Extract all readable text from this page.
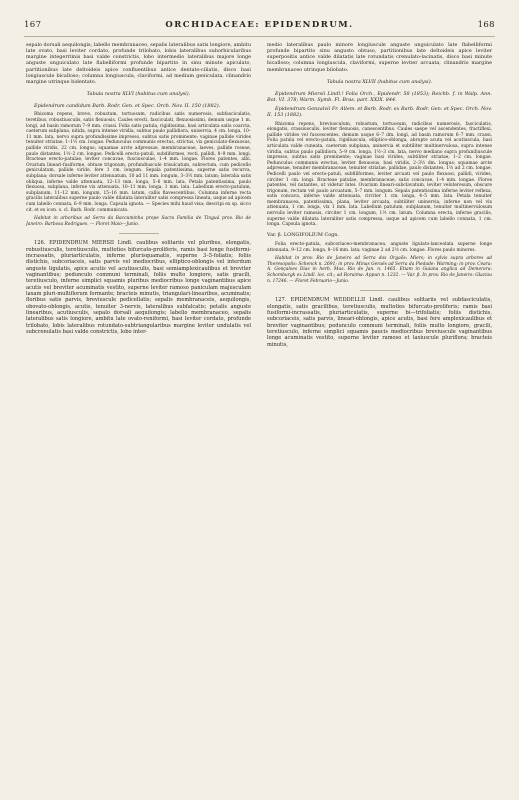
167	ORCHIDACEAE: EPIDENDRUM.	168

sepalo dorsali aequilongis; labello membranaceo, sepalis lateralibus satis longiore, ambitu late ovato, basi leviter cordato, profunde trilobato, lobis lateralibus suborbicularibus margine integerrimis basi valde constrictis, lobo intermedio lateralibus majore longe anguste unguiculato late flabelliformi profunde bipartito in sinu minute apiculato, partitionibus late deltoideis apice confluentibus antice dentato-ciliatis, disco basi longiuscule bicalloso; columna longiuscula, claviformi, ad medium geniculata, clinandrio margine utrinque bidentato.

Tabula nostra XLVI (habitus cum analysi).

Epidendrum candidum Barb. Rodr. Gen. et Spec. Orch. Nov. II. 150 (1882).

Rhizoma repens, breve, robustum, tortuosum, radicibus satis numerosis, subfasciculatis, teretibus, robustiusculis, satis flexuosis. Caules erecti, fasciculati, flexuosissimi, demum usque 1 m. longi, ad basin ramorum 7–9 mm. crassi. Folia satis patula, rigidissima, basi articulata satis coarcta, caeterum subplana, nitida, supra intense viridia, subtus paulo pallidiora, uniservia, 4 cm. longa, 10–11 mm. lata, nervo supra profundissime impresso, subtus satis prominente; vaginae pallide virides tenuiter striatae, 1–1½ cm. longae. Pedunculus communis erectus, strictus, vix geniculato-flexuosus, pallide viridis, 22 cm. longus; squamae arcte adpressae, membranaceae, laeves, pallide roseae, paulo distantes, 1½–2 cm. longae. Pedicelli erecto-patuli, subdiformes, recti, pallidi, 8–9 mm. longi. Bracteae erecto-patulae, leviter concavae, fusciusculae, 1–4 mm. longae. Flores patentes, albi. Ovarium lineari-fusiforme, obtuse trigonum, profundiuscule trisulcatum, subrectum, cum pedicello geniculatum, pallide viride, fere 1 cm. longum. Sepala patentissima, superne satis recurva, subplana; dorsale inferne leviter attenuatum, 10 ad 11 mm. longum, 3–3½ mm. latum; lateralia satis obliqua, inferne valde attenuata, 12–13 mm. longa, 5–6 mm. lata. Petala patentissima, paulo flexuosa, subplana, inferne vix attenuata, 10–11 mm. longa, 1 mm. lata. Labellum erecto-patulum, subplanum, 11–12 mm. longum, 15–16 mm. latum, callis flavescentibus. Columna inferne recta gracilis lateralibus superne paulo valde dilatata lateraliter satis compressa lineata, usque ad apicem cum labello connata, 6–9 mm. longa. Capsula ignota. — Species mihi haud visa; descripi ex sp. sicco cit. et ex icon. s. cl. Barb. Rodr. communicato.

Habitat in arboribus ad Serra da Baccuminha prope Sacra Familia de Tinguá prov. Rio de Janeiro: Barbosa Rodrigues. — Floret Maio—Junio.

126. EPIDENDRUM MIERSII Lindl. caulibus solitariis vel pluribus, elongatis, robustiusculis, teretiusculis, multoties bifurcato-proliferis, ramis basi longe fusiformi-incrassatis, pluriarticulatis, inferne plurisquamatis, superne 3–5-foliatis; foliis distichis, subcoriaceis, satis parvis vel mediocribus, elliptico-oblongis vel interdum anguste ligulatis, apice acutis vel acutiusculis, basi semiamplexicaulibus et breviter vaginantibus; pedunculo communi terminali, foliis multo longiore, satis gracili, teretiusculo, inferne simplici squamis pluribus mediocribus longe vaginantibus apice acutis vel breviter acuminatis vestito, superne leviter ramoso paniculam majusculam laxam pluri-multiflorum formante; bracteis minutis, triangulari-linearibus, acuminatis; floribus satis parvis, breviuscule pedicellatis; sepalis membranaceis, aequilongis, obovato-oblongis, acutis, tenuiter 3-nervis, lateralibus subfalcatis; petalis anguste linearibus, acutiusculis, sepalo dorsali aequilongis; labello membranaceo, sepalis lateralibus satis longiore, ambitu late ovato-reniformi, basi leviter cordato, profunde trilobato, lobis lateralibus rotundato-subtriangularibus margine leviter undulatis vel subcrenulatis basi valde constrictis, lobo inter-

medio lateralibus paulo minore longiuscule anguste unguiculato late flabelliformi profunde bipartito sinu angusto obtuso, partitionibus late deltoideis apice leviter superpositis antice valde dilatatis late rotundatis crenulato-lacinatis, disco basi minute bicalloso; columna longiuscula, claviformi, superne leviter arcuata, clinandrio margine membranaceo utrinque bilobato.

Tabula nostra XLVII (habitus cum analysi).

Epidendrum Miersii Lindl.! Folia Orch., Epidendr. 58 (1853); Reichb. f. in Walp. Ann. Bot. VI. 378; Warm. Symb. Fl. Bras. part. XXIX. 844.

Epidendrum Gonzalvii Fr. Allem. et Barb. Rodr. ex Barb. Rodr. Gen. et Spec. Orch. Nov. II. 153 (1882).

Rhizoma repens, breviusculum, robustum, tortuosum, radicibus numerosis, fasciculatis, elongatis, crassiusculis, leviter flexuosis, canescentibus. Caules saepe vel ascendentes, fractiflexi, pallide virides vel fuscescentes, demum usque 6–7 dm. longi, ad basin ramorum 6–7 mm. crassi. Folia patula vel erecto-patula, rigidiuscula, elliptico-oblonga, abrupte acuta vel acutiuscula, basi articulata valde cuneata, caeterum subplana, uninervia et subtiliter multinervulosa, supra intense viridia, subtus paulo pallidiora, 5–9 cm. longa, 1½–3 cm. lata, nervo mediano supra profundiuscule impresso, subtus satis prominente; vaginae basi virides, subtiliter striatae, 1–2 cm. longae. Pedunculus communis erectus, leviter flexuosus, basi viridis, 2–3½ dm. longus; squamae arcte adpressae, tenuiter membranaceae, tenuiter striatae, pallidae, paulo distantes, 1½ ad 2 cm. longae. Pedicelli paulo vel erecto-patuli, subfiliformes, leviter arcuati vel paulo flexuosi, pallidi, virides, circiter 1 cm. longi. Bracteae patulae, membranaceae, satis concavae, 1–4 mm. longae. Flores patentes, vel nutantes, ut videtur lutei. Ovarium lineari-subclavatum, leviter veluteresum, obscure trigonum, rectum vel paulo arcuatum, 5–7 mm. longum. Sepala patentissima inferne leviter reflexa, satis concava, inferne valde attenuata, circiter 1 cm. longa, 4–5 mm. lata. Petala tenuiter membranacea, patentissima, plana, leviter arcuata, subtiliter uninervia, inferne non vel vix attenuata, 1 cm. longa, vix 1 mm. lata. Labellum patulum, subplanum, tenuiter multinervulosum nervulis leviter ramosis, circiter 1 cm. longum, 1½ cm. latum. Columna erecta, inferne gracilis, superne valde dilatata lateraliter satis compressa, usque ad apicem cum labello connata, 1 cm. longa. Capsula ignota.

Var. β. LONGIFOLIUM Cogn.

Folia erecto-patula, subcoriaceo-membranacea, anguste ligulato-lanceolata superne longe attenuata, 9–12 cm. longa, 8–16 mm. lata; vaginae 2 ad 2½ cm. longae. Flores paulo minores.

Habitat in prov. Rio de Janeiro ad Serra dos Orgaõs: Miers; in sylvis supra arbores ad Theresopolis: Schenck n. 2691; in prov. Minas Geraës ad Serra da Piedade: Warming; in prov. Ceara: A. Gonçalves Dias in herb. Mus. Rio de Jan. n. 1465. Etiam in Guiana anglica ad Demerara: Schomburgk ex Lindl. loc. cit.; ad Roraima: Appun n. 1232. — Var. β. In prov. Rio de Janeiro: Glaziou n. 17246. — Floret Februario—Junio.

127. EPIDENDRUM WEDDELLII Lindl. caulibus solitariis vel subfasciculatis, elongatis, satis gracilibus, teretiusculis, multoties bifurcato-proliferis; ramis basi fusiformi-incrassatis, pluriarticulatis, superne bi—trifoliatis; foliis distichis, subcoriaceis, satis parvis, lineari-oblongis, apice acutis, basi fere amplexicaulibus et breviter vaginantibus; pedunculo communi terminali, foliis multo longiore, gracili, teretiusculo, inferne simplici squamis paucis mediocribus breviuscule vaginantibus longe acuminatis vestito, superne leviter ramoso et laxiuscule pluriflora; bracteis minutis,
